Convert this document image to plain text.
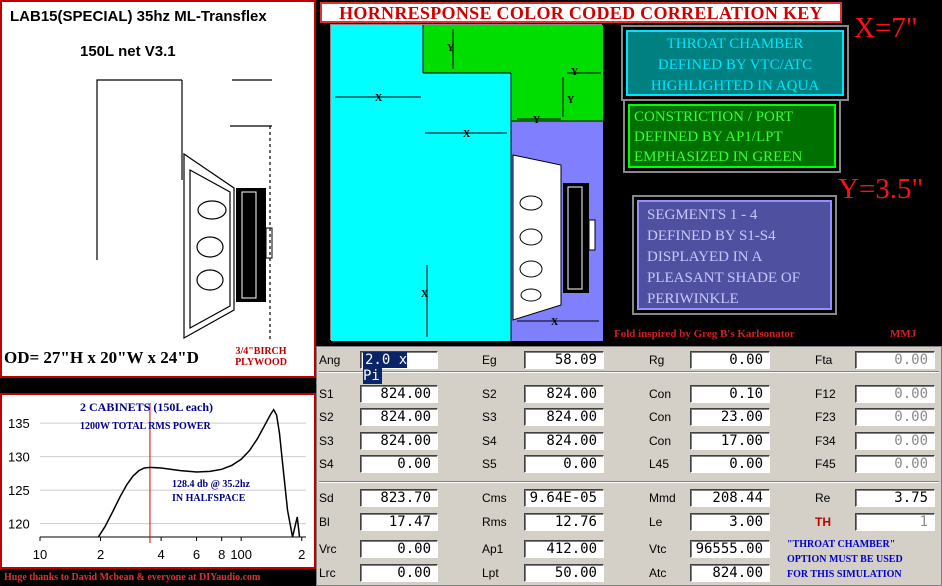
LAB15(SPECIAL) 35hz ML-Transflex
150L net V3.1
OD= 27"H x 20"W x 24"D	3/4"BIRCH
PLYWOOD
135
130
125
120
10	2	4 6 8 100	2
2 CABINETS (150L each)
1200W TOTAL RMS POWER
128.4 db @ 35.2hz
IN HALFSPACE
Huge thanks to David Mcbean & everyone at DIYaudio.com
HORNRESPONSE COLOR CODED CORRELATION KEY	X=7"
Y=3.5"
X
X
Y
X
X
Y
Y
Y
THROAT CHAMBER
DEFINED BY VTC/ATC
HIGHLIGHTED IN AQUA
CONSTRICTION / PORT
DEFINED BY AP1/LPT
EMPHASIZED IN GREEN
SEGMENTS 1 - 4
DEFINED BY S1-S4
DISPLAYED IN A
PLEASANT SHADE OF
PERIWINKLE
Fold inspired by Greg B's Karlsonator	MMJ
Ang	2.0 x Pi
Eg	58.09	Rg	0.00	Fta	0.00
S1	824.00	S2	824.00	Con	0.10	F12	0.00
S2	824.00	S3	824.00	Con	23.00	F23	0.00
S3	824.00	S4	824.00	Con	17.00	F34	0.00
S4	0.00	S5	0.00	L45	0.00	F45	0.00
Sd	823.70	Cms	9.64E-05	Mmd	208.44	Re	3.75
Bl	17.47	Rms	12.76	Le	3.00	TH	1
Vrc	0.00	Ap1	412.00	Vtc	96555.00
Lrc	0.00	Lpt	50.00	Atc	824.00
"THROAT CHAMBER"
OPTION MUST BE USED
FOR THIS SIMULATION
